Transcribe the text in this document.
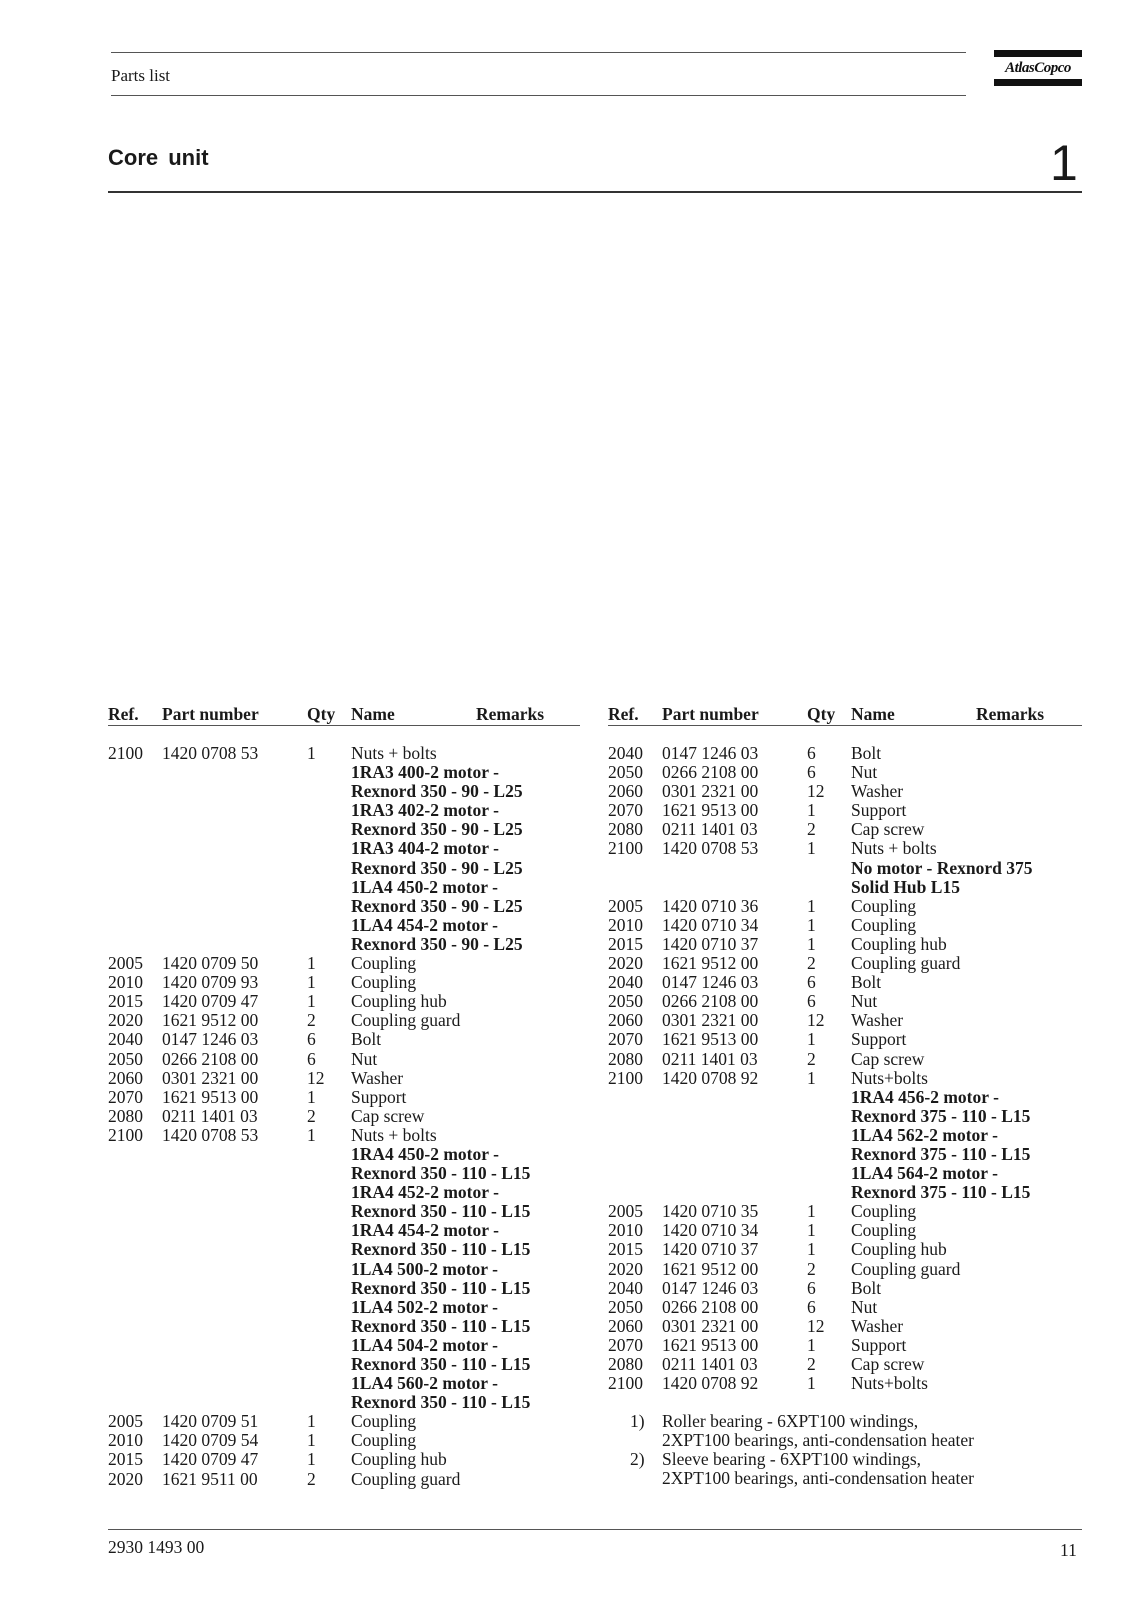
Parts list	AtlasCopco
Core unit	1
Ref. Part number	Qty Name	Remarks
2100 1420 0708 53	1 Nuts + bolts
1RA3 400-2 motor -
Rexnord 350 - 90 - L25
1RA3 402-2 motor -
Rexnord 350 - 90 - L25
1RA3 404-2 motor -
Rexnord 350 - 90 - L25
1LA4 450-2 motor -
Rexnord 350 - 90 - L25
1LA4 454-2 motor -
Rexnord 350 - 90 - L25
2005 1420 0709 50	1 Coupling
2010 1420 0709 93	1 Coupling
2015 1420 0709 47	1 Coupling hub
2020 1621 9512 00	2 Coupling guard
2040 0147 1246 03	6 Bolt
2050 0266 2108 00	6 Nut
2060 0301 2321 00	12 Washer
2070 1621 9513 00	1 Support
2080 0211 1401 03	2 Cap screw
2100 1420 0708 53	1 Nuts + bolts
1RA4 450-2 motor -
Rexnord 350 - 110 - L15
1RA4 452-2 motor -
Rexnord 350 - 110 - L15
1RA4 454-2 motor -
Rexnord 350 - 110 - L15
1LA4 500-2 motor -
Rexnord 350 - 110 - L15
1LA4 502-2 motor -
Rexnord 350 - 110 - L15
1LA4 504-2 motor -
Rexnord 350 - 110 - L15
1LA4 560-2 motor -
Rexnord 350 - 110 - L15
2005 1420 0709 51	1 Coupling
2010 1420 0709 54	1 Coupling
2015 1420 0709 47	1 Coupling hub
2020 1621 9511 00	2 Coupling guard
Ref. Part number	Qty Name	Remarks
2040 0147 1246 03	6 Bolt
2050 0266 2108 00	6 Nut
2060 0301 2321 00	12 Washer
2070 1621 9513 00	1 Support
2080 0211 1401 03	2 Cap screw
2100 1420 0708 53	1 Nuts + bolts
No motor - Rexnord 375
Solid Hub L15
2005 1420 0710 36	1 Coupling
2010 1420 0710 34	1 Coupling
2015 1420 0710 37	1 Coupling hub
2020 1621 9512 00	2 Coupling guard
2040 0147 1246 03	6 Bolt
2050 0266 2108 00	6 Nut
2060 0301 2321 00	12 Washer
2070 1621 9513 00	1 Support
2080 0211 1401 03	2 Cap screw
2100 1420 0708 92	1 Nuts+bolts
1RA4 456-2 motor -
Rexnord 375 - 110 - L15
1LA4 562-2 motor -
Rexnord 375 - 110 - L15
1LA4 564-2 motor -
Rexnord 375 - 110 - L15
2005 1420 0710 35	1 Coupling
2010 1420 0710 34	1 Coupling
2015 1420 0710 37	1 Coupling hub
2020 1621 9512 00	2 Coupling guard
2040 0147 1246 03	6 Bolt
2050 0266 2108 00	6 Nut
2060 0301 2321 00	12 Washer
2070 1621 9513 00	1 Support
2080 0211 1401 03	2 Cap screw
2100 1420 0708 92	1 Nuts+bolts
1) Roller bearing - 6XPT100 windings,
2XPT100 bearings, anti-condensation heater
2) Sleeve bearing - 6XPT100 windings,
2XPT100 bearings, anti-condensation heater
2930 1493 00	11
